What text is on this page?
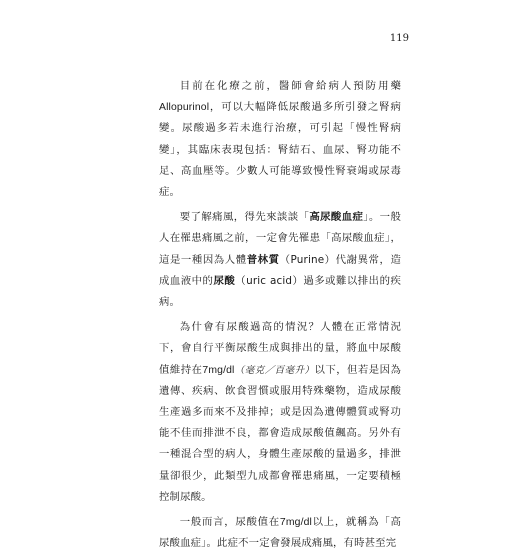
119

目前在化療之前，醫師會給病人預防用藥Allopurinol，可以大幅降低尿酸過多所引發之腎病變。尿酸過多若未進行治療，可引起「慢性腎病變」，其臨床表現包括：腎結石、血尿、腎功能不足、高血壓等。少數人可能導致慢性腎衰竭或尿毒症。

要了解痛風，得先來談談「高尿酸血症」。一般人在罹患痛風之前，一定會先罹患「高尿酸血症」，這是一種因為人體普林質（Purine）代謝異常，造成血液中的尿酸（uric acid）過多或難以排出的疾病。

為什會有尿酸過高的情況？人體在正常情況下，會自行平衡尿酸生成與排出的量，將血中尿酸值維持在7mg/dl（毫克／百毫升）以下，但若是因為遺傳、疾病、飲食習慣或服用特殊藥物，造成尿酸生產過多而來不及排掉；或是因為遺傳體質或腎功能不佳而排泄不良，都會造成尿酸值飆高。另外有一種混合型的病人，身體生產尿酸的量過多，排泄量卻很少，此類型九成都會罹患痛風，一定要積極控制尿酸。

一般而言，尿酸值在7mg/dl以上，就稱為「高尿酸血症」。此症不一定會發展成痛風，有時甚至完
